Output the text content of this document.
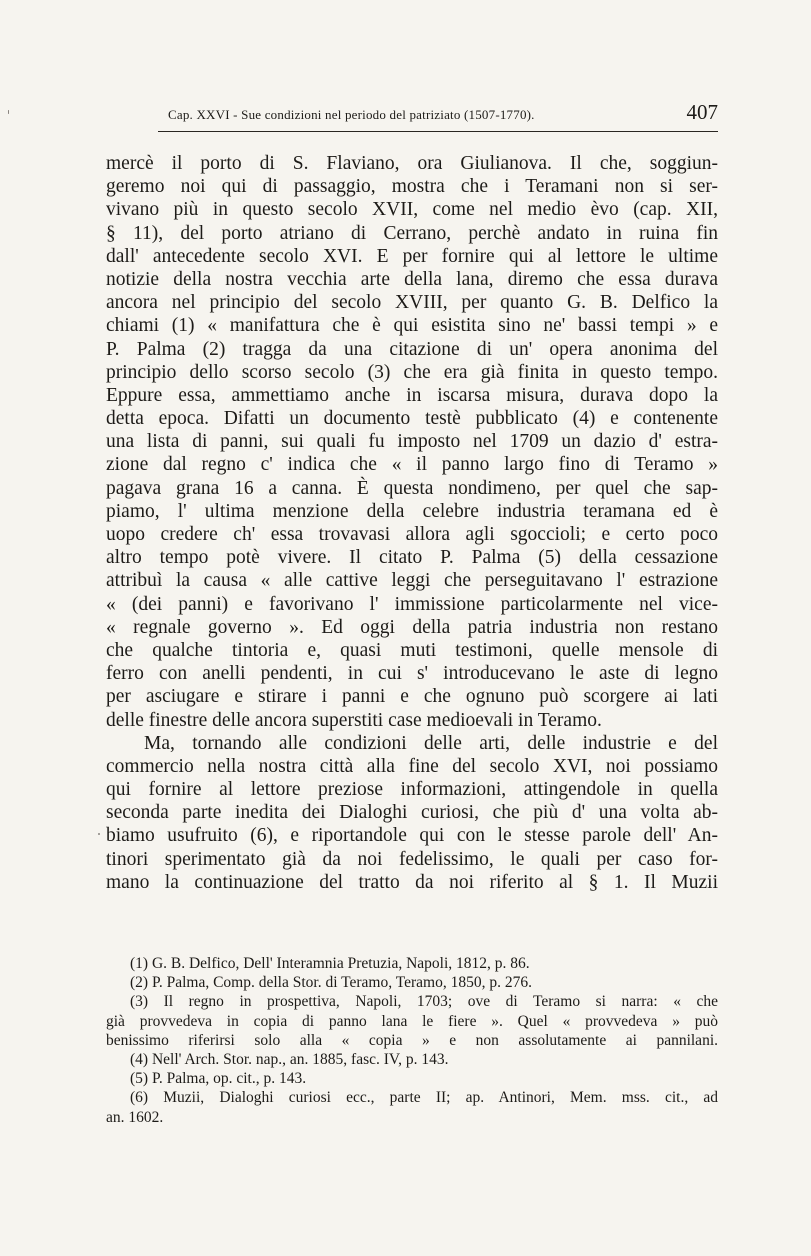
Cap. XXVI - Sue condizioni nel periodo del patriziato (1507-1770).	407
mercè il porto di S. Flaviano, ora Giulianova. Il che, soggiun-
geremo noi qui di passaggio, mostra che i Teramani non si ser-
vivano più in questo secolo XVII, come nel medio èvo (cap. XII,
§ 11), del porto atriano di Cerrano, perchè andato in ruina fin
dall' antecedente secolo XVI. E per fornire qui al lettore le ultime
notizie della nostra vecchia arte della lana, diremo che essa durava
ancora nel principio del secolo XVIII, per quanto G. B. Delfico la
chiami (1) « manifattura che è qui esistita sino ne' bassi tempi » e
P. Palma (2) tragga da una citazione di un' opera anonima del
principio dello scorso secolo (3) che era già finita in questo tempo.
Eppure essa, ammettiamo anche in iscarsa misura, durava dopo la
detta epoca. Difatti un documento testè pubblicato (4) e contenente
una lista di panni, sui quali fu imposto nel 1709 un dazio d' estra-
zione dal regno c' indica che « il panno largo fino di Teramo »
pagava grana 16 a canna. È questa nondimeno, per quel che sap-
piamo, l' ultima menzione della celebre industria teramana ed è
uopo credere ch' essa trovavasi allora agli sgoccioli; e certo poco
altro tempo potè vivere. Il citato P. Palma (5) della cessazione
attribuì la causa « alle cattive leggi che perseguitavano l' estrazione
« (dei panni) e favorivano l' immissione particolarmente nel vice-
« regnale governo ». Ed oggi della patria industria non restano
che qualche tintoria e, quasi muti testimoni, quelle mensole di
ferro con anelli pendenti, in cui s' introducevano le aste di legno
per asciugare e stirare i panni e che ognuno può scorgere ai lati
delle finestre delle ancora superstiti case medioevali in Teramo.
Ma, tornando alle condizioni delle arti, delle industrie e del
commercio nella nostra città alla fine del secolo XVI, noi possiamo
qui fornire al lettore preziose informazioni, attingendole in quella
seconda parte inedita dei Dialoghi curiosi, che più d' una volta ab-
biamo usufruito (6), e riportandole qui con le stesse parole dell' An-
tinori sperimentato già da noi fedelissimo, le quali per caso for-
mano la continuazione del tratto da noi riferito al § 1. Il Muzii
(1) G. B. Delfico, Dell' Interamnia Pretuzia, Napoli, 1812, p. 86.
(2) P. Palma, Comp. della Stor. di Teramo, Teramo, 1850, p. 276.
(3) Il regno in prospettiva, Napoli, 1703; ove di Teramo si narra: « che
già provvedeva in copia di panno lana le fiere ». Quel « provvedeva » può
benissimo riferirsi solo alla « copia » e non assolutamente ai pannilani.
(4) Nell' Arch. Stor. nap., an. 1885, fasc. IV, p. 143.
(5) P. Palma, op. cit., p. 143.
(6) Muzii, Dialoghi curiosi ecc., parte II; ap. Antinori, Mem. mss. cit., ad
an. 1602.
